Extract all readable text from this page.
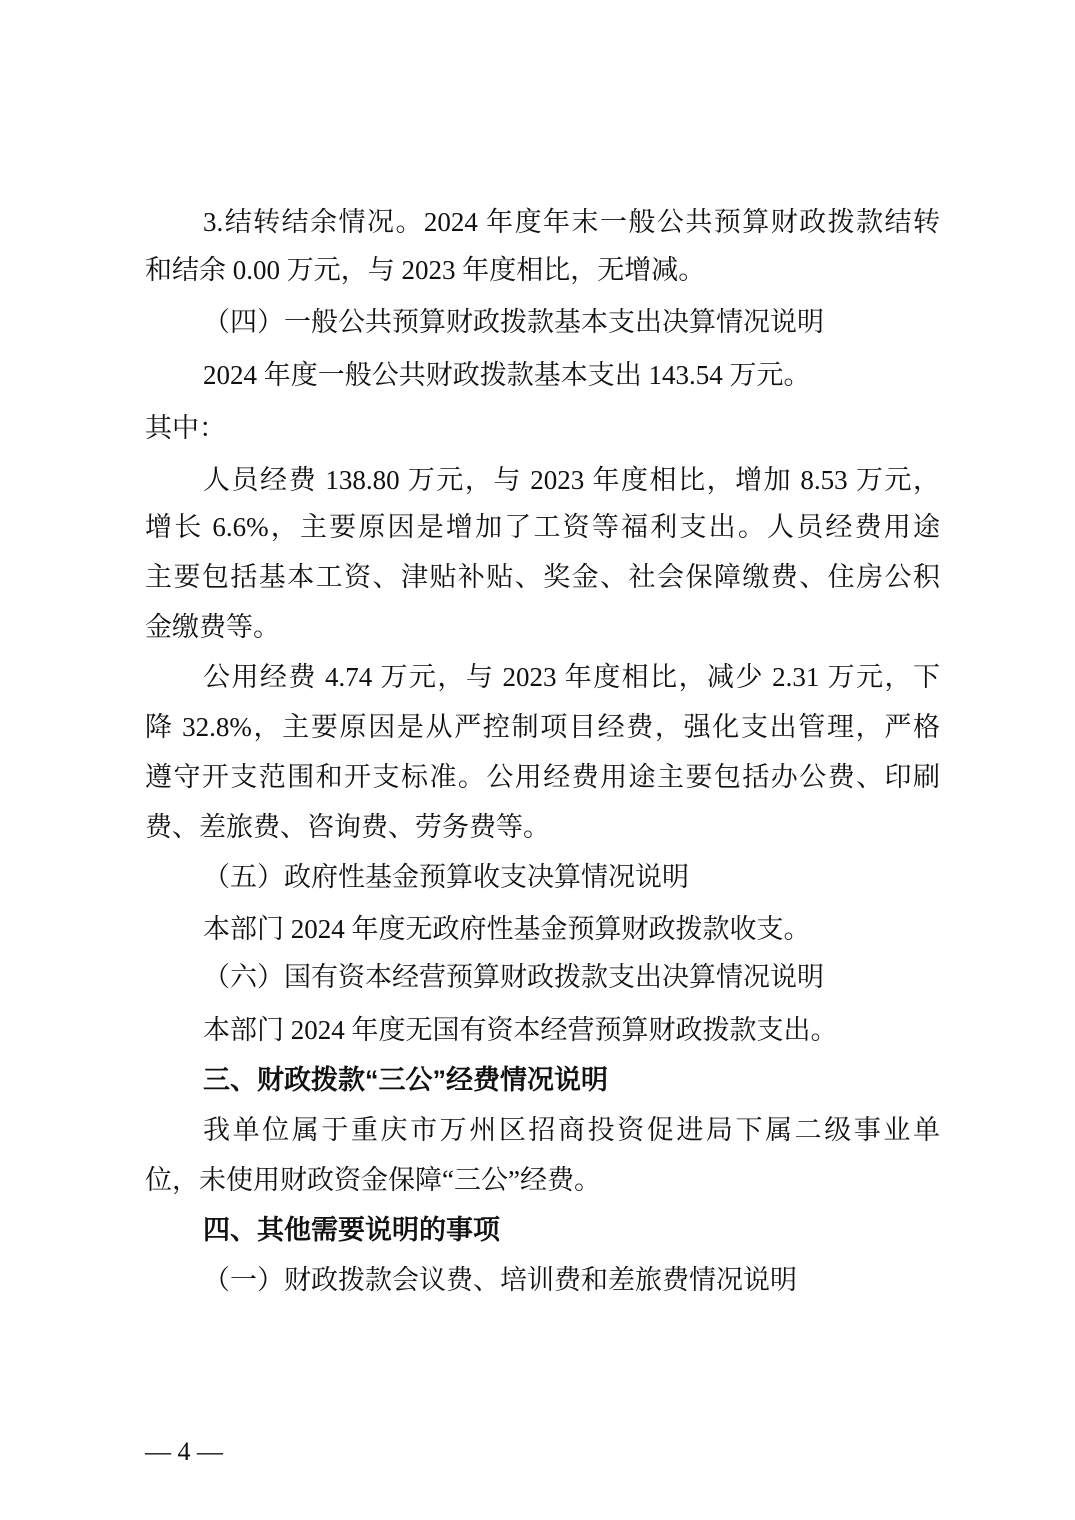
3.结转结余情况。2024 年度年末一般公共预算财政拨款结转
和结余 0.00 万元，与 2023 年度相比，无增减。
（四）一般公共预算财政拨款基本支出决算情况说明
2024 年度一般公共财政拨款基本支出 143.54 万元。
其中：
人员经费 138.80 万元，与 2023 年度相比，增加 8.53 万元，
增长 6.6%，主要原因是增加了工资等福利支出。人员经费用途
主要包括基本工资、津贴补贴、奖金、社会保障缴费、住房公积
金缴费等。
公用经费 4.74 万元，与 2023 年度相比，减少 2.31 万元，下
降 32.8%，主要原因是从严控制项目经费，强化支出管理，严格
遵守开支范围和开支标准。公用经费用途主要包括办公费、印刷
费、差旅费、咨询费、劳务费等。
（五）政府性基金预算收支决算情况说明
本部门 2024 年度无政府性基金预算财政拨款收支。
（六）国有资本经营预算财政拨款支出决算情况说明
本部门 2024 年度无国有资本经营预算财政拨款支出。
三、财政拨款“三公”经费情况说明
我单位属于重庆市万州区招商投资促进局下属二级事业单
位，未使用财政资金保障“三公”经费。
四、其他需要说明的事项
（一）财政拨款会议费、培训费和差旅费情况说明
— 4 —
